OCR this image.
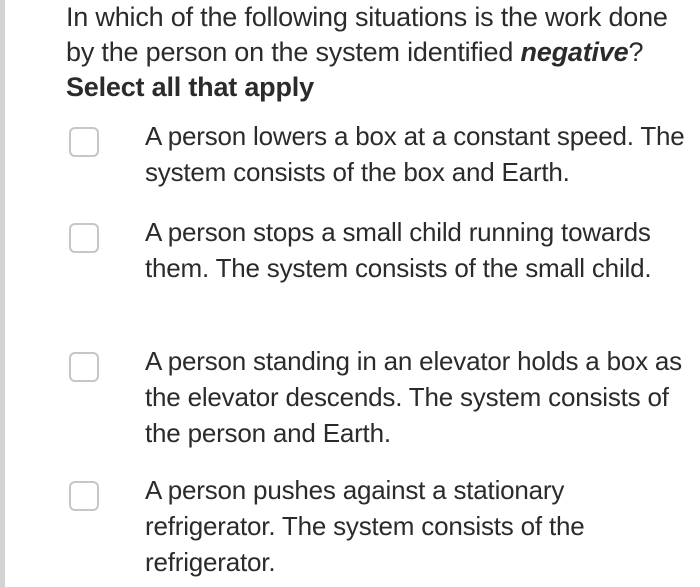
In which of the following situations is the work done by the person on the system identified negative? Select all that apply
A person lowers a box at a constant speed. The system consists of the box and Earth.
A person stops a small child running towards them. The system consists of the small child.
A person standing in an elevator holds a box as the elevator descends. The system consists of the person and Earth.
A person pushes against a stationary refrigerator. The system consists of the refrigerator.
